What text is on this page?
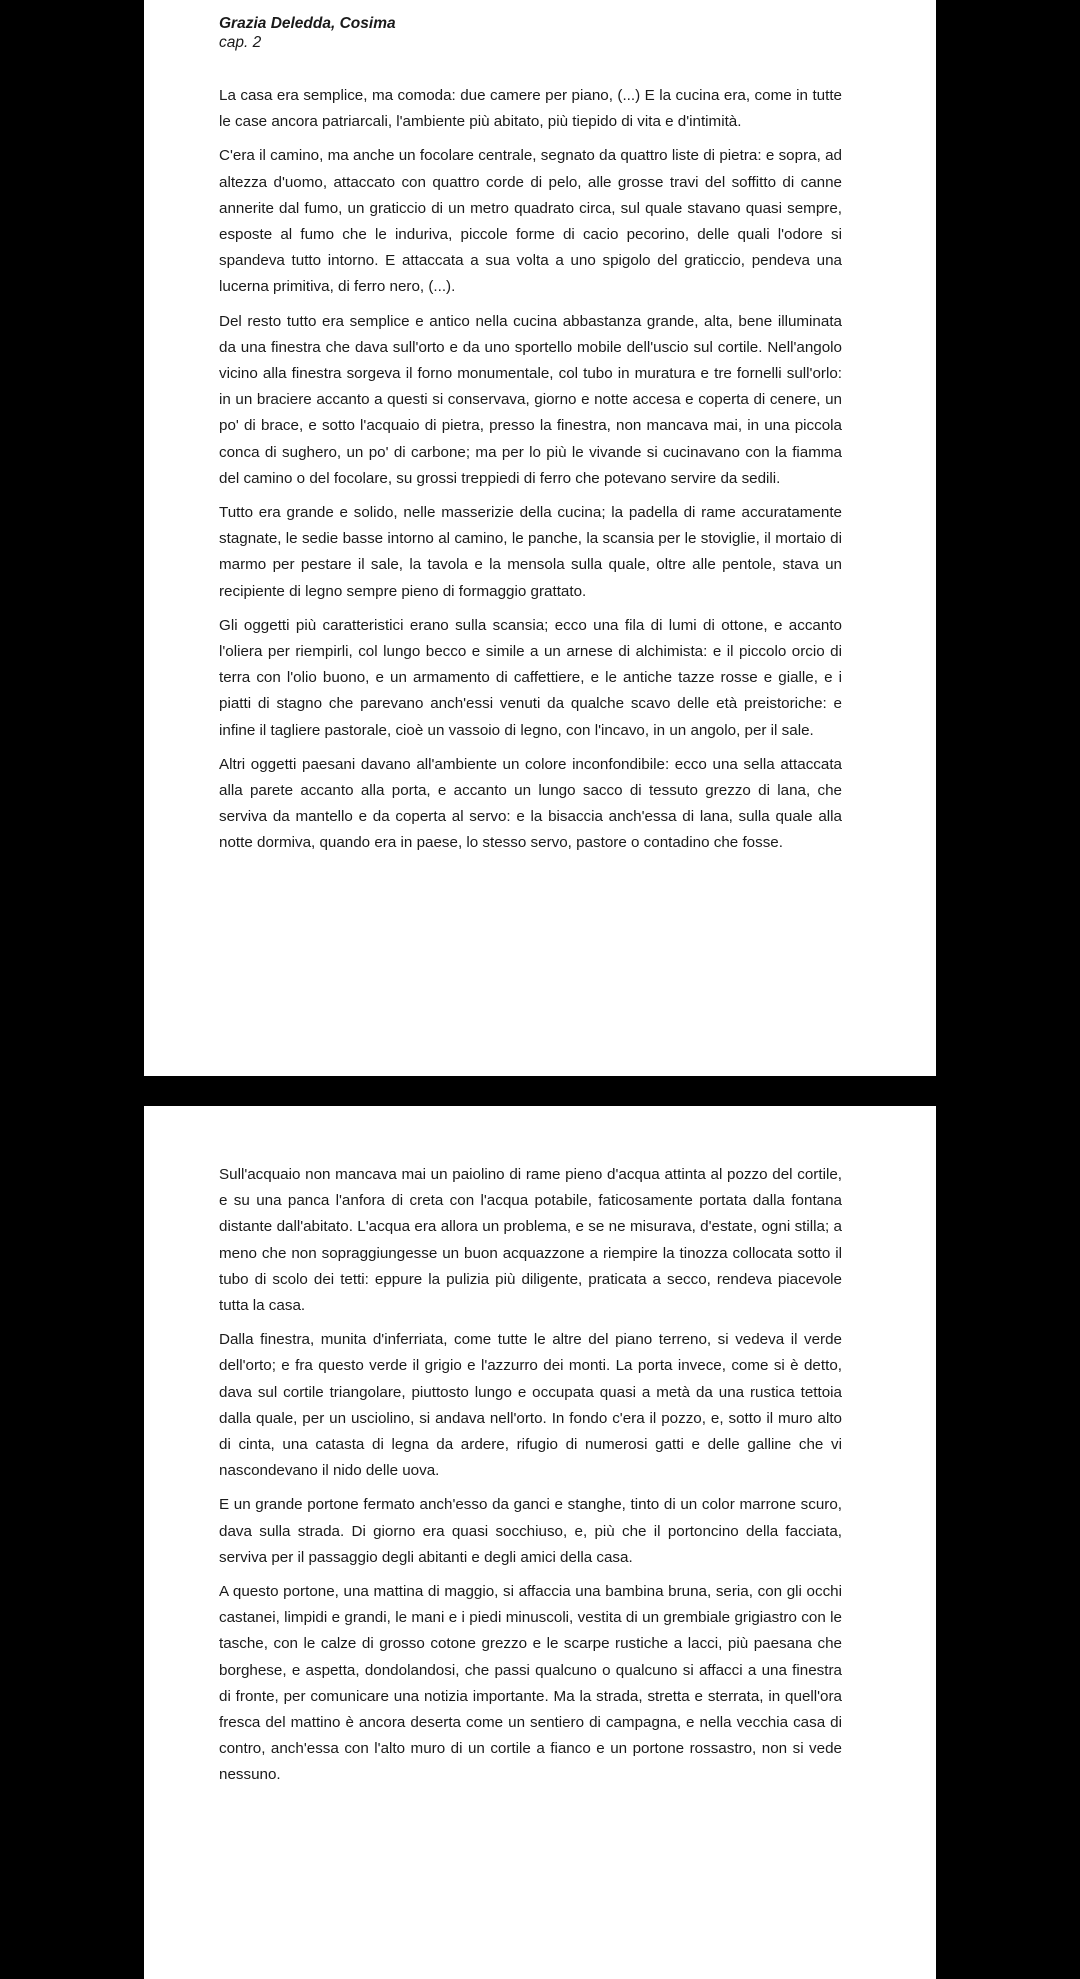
Grazia Deledda, Cosima

cap. 2

La casa era semplice, ma comoda: due camere per piano, (...) E la cucina era, come in tutte le case ancora patriarcali, l'ambiente più abitato, più tiepido di vita e d'intimità.

C'era il camino, ma anche un focolare centrale, segnato da quattro liste di pietra: e sopra, ad altezza d'uomo, attaccato con quattro corde di pelo, alle grosse travi del soffitto di canne annerite dal fumo, un graticcio di un metro quadrato circa, sul quale stavano quasi sempre, esposte al fumo che le induriva, piccole forme di cacio pecorino, delle quali l'odore si spandeva tutto intorno. E attaccata a sua volta a uno spigolo del graticcio, pendeva una lucerna primitiva, di ferro nero, (...).

Del resto tutto era semplice e antico nella cucina abbastanza grande, alta, bene illuminata da una finestra che dava sull'orto e da uno sportello mobile dell'uscio sul cortile. Nell'angolo vicino alla finestra sorgeva il forno monumentale, col tubo in muratura e tre fornelli sull'orlo: in un braciere accanto a questi si conservava, giorno e notte accesa e coperta di cenere, un po' di brace, e sotto l'acquaio di pietra, presso la finestra, non mancava mai, in una piccola conca di sughero, un po' di carbone; ma per lo più le vivande si cucinavano con la fiamma del camino o del focolare, su grossi treppiedi di ferro che potevano servire da sedili.

Tutto era grande e solido, nelle masserizie della cucina; la padella di rame accuratamente stagnate, le sedie basse intorno al camino, le panche, la scansia per le stoviglie, il mortaio di marmo per pestare il sale, la tavola e la mensola sulla quale, oltre alle pentole, stava un recipiente di legno sempre pieno di formaggio grattato.

Gli oggetti più caratteristici erano sulla scansia; ecco una fila di lumi di ottone, e accanto l'oliera per riempirli, col lungo becco e simile a un arnese di alchimista: e il piccolo orcio di terra con l'olio buono, e un armamento di caffettiere, e le antiche tazze rosse e gialle, e i piatti di stagno che parevano anch'essi venuti da qualche scavo delle età preistoriche: e infine il tagliere pastorale, cioè un vassoio di legno, con l'incavo, in un angolo, per il sale.

Altri oggetti paesani davano all'ambiente un colore inconfondibile: ecco una sella attaccata alla parete accanto alla porta, e accanto un lungo sacco di tessuto grezzo di lana, che serviva da mantello e da coperta al servo: e la bisaccia anch'essa di lana, sulla quale alla notte dormiva, quando era in paese, lo stesso servo, pastore o contadino che fosse.

Sull'acquaio non mancava mai un paiolino di rame pieno d'acqua attinta al pozzo del cortile, e su una panca l'anfora di creta con l'acqua potabile, faticosamente portata dalla fontana distante dall'abitato. L'acqua era allora un problema, e se ne misurava, d'estate, ogni stilla; a meno che non sopraggiungesse un buon acquazzone a riempire la tinozza collocata sotto il tubo di scolo dei tetti: eppure la pulizia più diligente, praticata a secco, rendeva piacevole tutta la casa.

Dalla finestra, munita d'inferriata, come tutte le altre del piano terreno, si vedeva il verde dell'orto; e fra questo verde il grigio e l'azzurro dei monti. La porta invece, come si è detto, dava sul cortile triangolare, piuttosto lungo e occupata quasi a metà da una rustica tettoia dalla quale, per un usciolino, si andava nell'orto. In fondo c'era il pozzo, e, sotto il muro alto di cinta, una catasta di legna da ardere, rifugio di numerosi gatti e delle galline che vi nascondevano il nido delle uova.

E un grande portone fermato anch'esso da ganci e stanghe, tinto di un color marrone scuro, dava sulla strada. Di giorno era quasi socchiuso, e, più che il portoncino della facciata, serviva per il passaggio degli abitanti e degli amici della casa.

A questo portone, una mattina di maggio, si affaccia una bambina bruna, seria, con gli occhi castanei, limpidi e grandi, le mani e i piedi minuscoli, vestita di un grembiale grigiastro con le tasche, con le calze di grosso cotone grezzo e le scarpe rustiche a lacci, più paesana che borghese, e aspetta, dondolandosi, che passi qualcuno o qualcuno si affacci a una finestra di fronte, per comunicare una notizia importante. Ma la strada, stretta e sterrata, in quell'ora fresca del mattino è ancora deserta come un sentiero di campagna, e nella vecchia casa di contro, anch'essa con l'alto muro di un cortile a fianco e un portone rossastro, non si vede nessuno.
